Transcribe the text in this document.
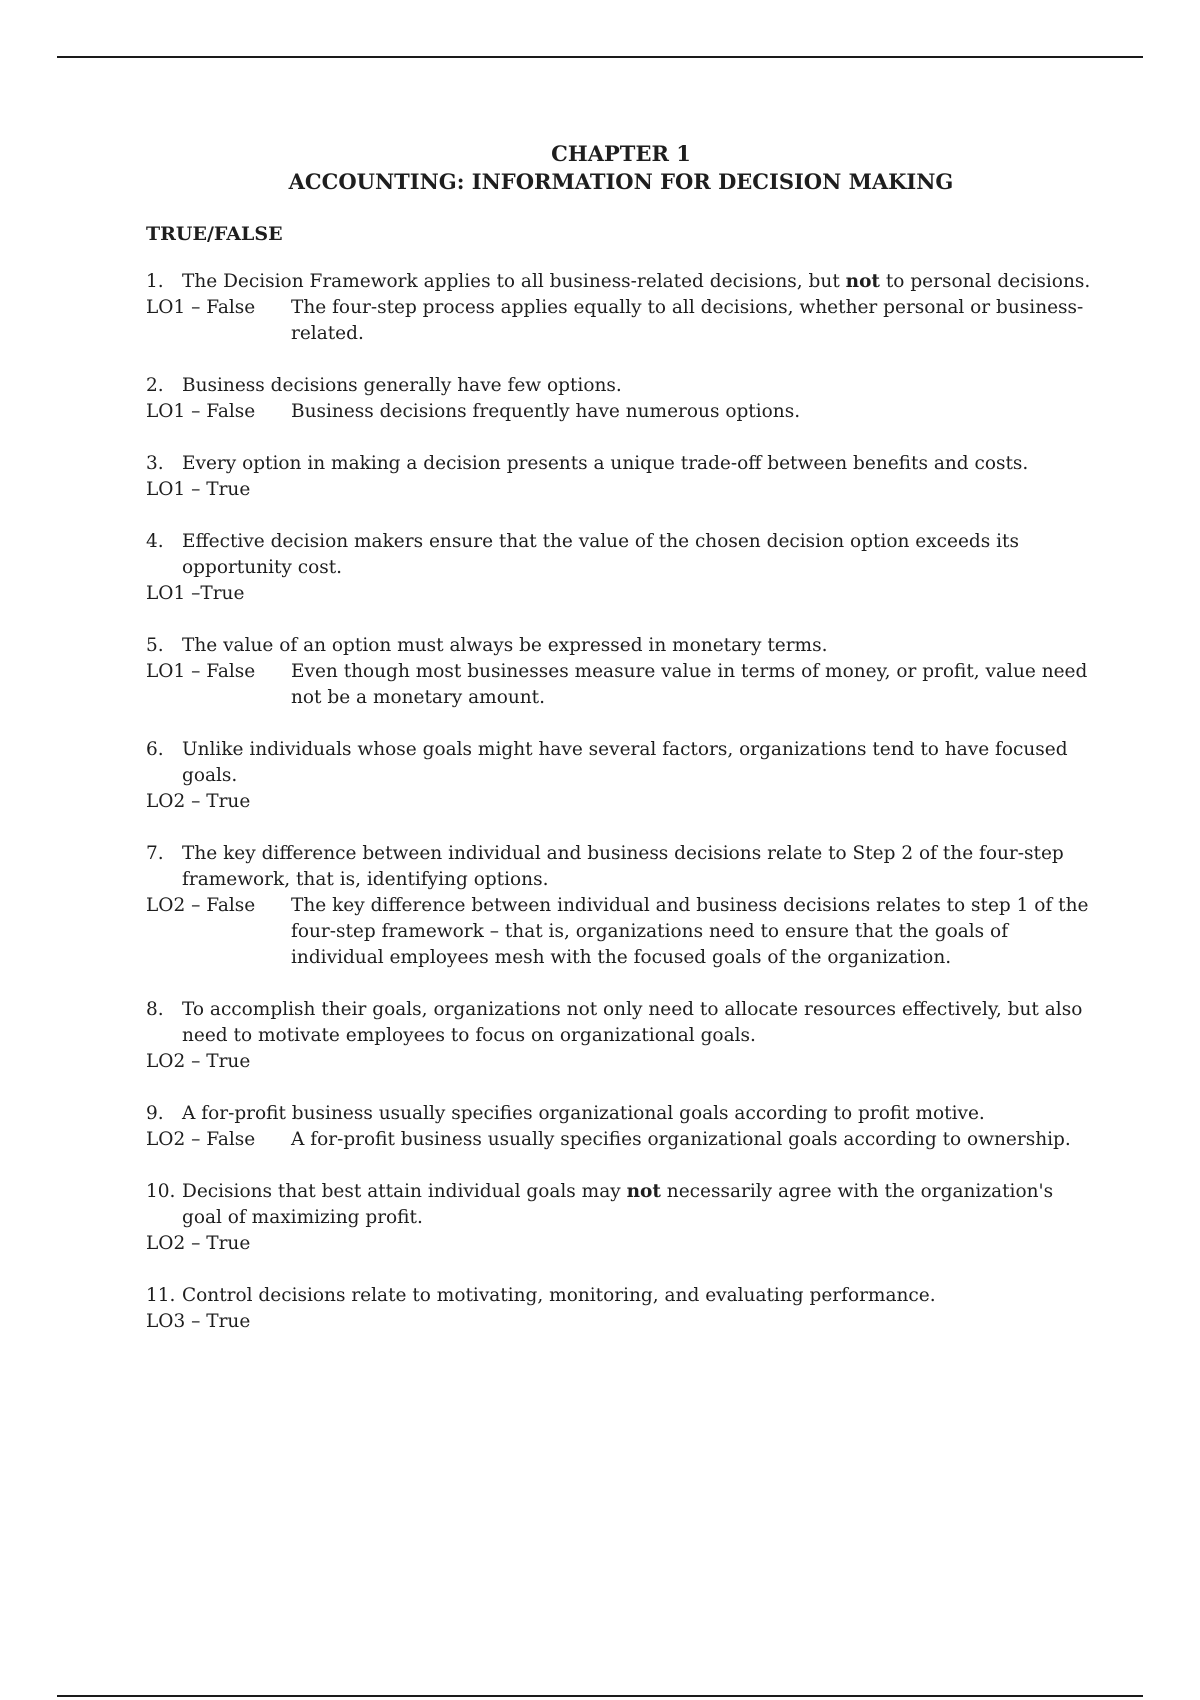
CHAPTER 1
ACCOUNTING: INFORMATION FOR DECISION MAKING
TRUE/FALSE
1. The Decision Framework applies to all business-related decisions, but not to personal decisions.
LO1 – False	The four-step process applies equally to all decisions, whether personal or business-related.
2. Business decisions generally have few options.
LO1 – False	Business decisions frequently have numerous options.
3. Every option in making a decision presents a unique trade-off between benefits and costs.
LO1 – True
4. Effective decision makers ensure that the value of the chosen decision option exceeds its opportunity cost.
LO1 –True
5. The value of an option must always be expressed in monetary terms.
LO1 – False	Even though most businesses measure value in terms of money, or profit, value need not be a monetary amount.
6. Unlike individuals whose goals might have several factors, organizations tend to have focused goals.
LO2 – True
7. The key difference between individual and business decisions relate to Step 2 of the four-step framework, that is, identifying options.
LO2 – False	The key difference between individual and business decisions relates to step 1 of the four-step framework – that is, organizations need to ensure that the goals of individual employees mesh with the focused goals of the organization.
8. To accomplish their goals, organizations not only need to allocate resources effectively, but also need to motivate employees to focus on organizational goals.
LO2 – True
9. A for-profit business usually specifies organizational goals according to profit motive.
LO2 – False	A for-profit business usually specifies organizational goals according to ownership.
10. Decisions that best attain individual goals may not necessarily agree with the organization's goal of maximizing profit.
LO2 – True
11. Control decisions relate to motivating, monitoring, and evaluating performance.
LO3 – True
